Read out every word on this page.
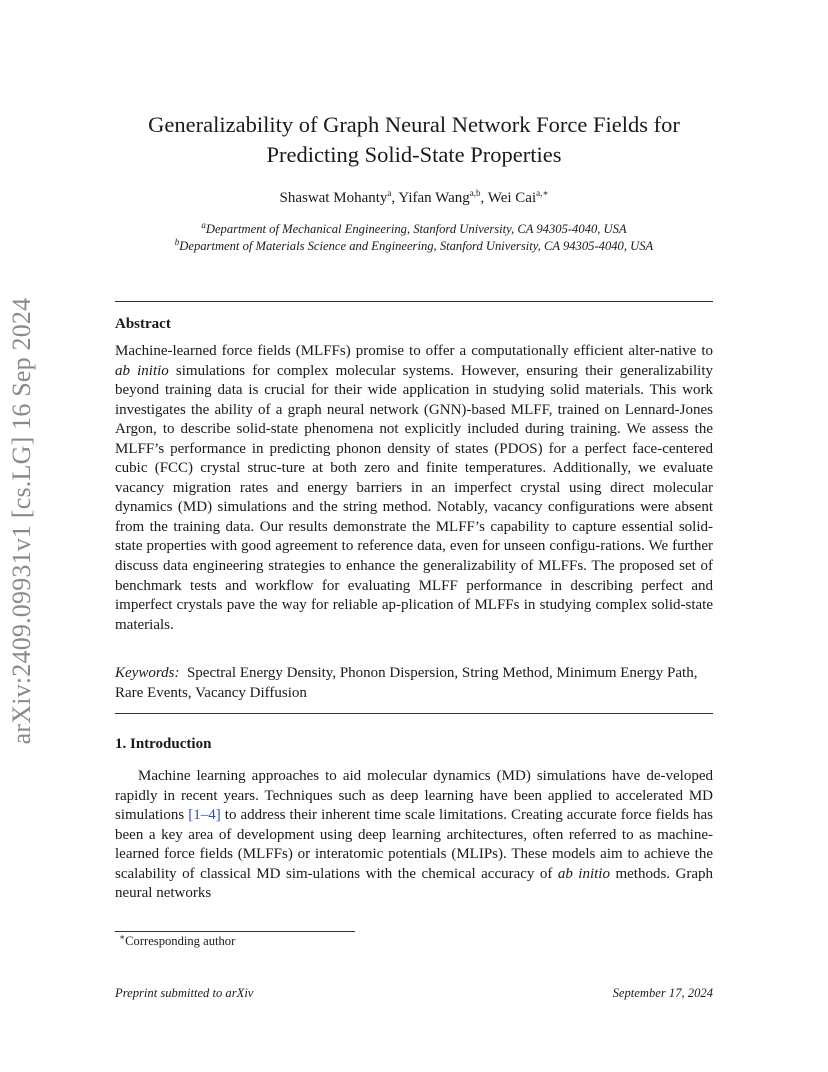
arXiv:2409.09931v1 [cs.LG] 16 Sep 2024
Generalizability of Graph Neural Network Force Fields for
Predicting Solid-State Properties
Shaswat Mohanty$^a$, Yifan Wang$^{a,b}$, Wei Cai$^{a,∗}$
$^a$Department of Mechanical Engineering, Stanford University, CA 94305-4040, USA
$^b$Department of Materials Science and Engineering, Stanford University, CA 94305-4040, USA
Abstract
Machine-learned force fields (MLFFs) promise to offer a computationally efficient alter-native to ab initio simulations for complex molecular systems. However, ensuring their generalizability beyond training data is crucial for their wide application in studying solid materials. This work investigates the ability of a graph neural network (GNN)-based MLFF, trained on Lennard-Jones Argon, to describe solid-state phenomena not explicitly included during training. We assess the MLFF’s performance in predicting phonon density of states (PDOS) for a perfect face-centered cubic (FCC) crystal struc-ture at both zero and finite temperatures. Additionally, we evaluate vacancy migration rates and energy barriers in an imperfect crystal using direct molecular dynamics (MD) simulations and the string method. Notably, vacancy configurations were absent from the training data. Our results demonstrate the MLFF’s capability to capture essential solid-state properties with good agreement to reference data, even for unseen configu-rations. We further discuss data engineering strategies to enhance the generalizability of MLFFs. The proposed set of benchmark tests and workflow for evaluating MLFF performance in describing perfect and imperfect crystals pave the way for reliable ap-plication of MLFFs in studying complex solid-state materials.
Keywords: Spectral Energy Density, Phonon Dispersion, String Method, Minimum Energy Path, Rare Events, Vacancy Diffusion
1. Introduction
Machine learning approaches to aid molecular dynamics (MD) simulations have de-veloped rapidly in recent years. Techniques such as deep learning have been applied to accelerated MD simulations [1–4] to address their inherent time scale limitations. Creating accurate force fields has been a key area of development using deep learning architectures, often referred to as machine-learned force fields (MLFFs) or interatomic potentials (MLIPs). These models aim to achieve the scalability of classical MD sim-ulations with the chemical accuracy of ab initio methods. Graph neural networks
∗Corresponding author
Preprint submitted to arXiv	September 17, 2024
